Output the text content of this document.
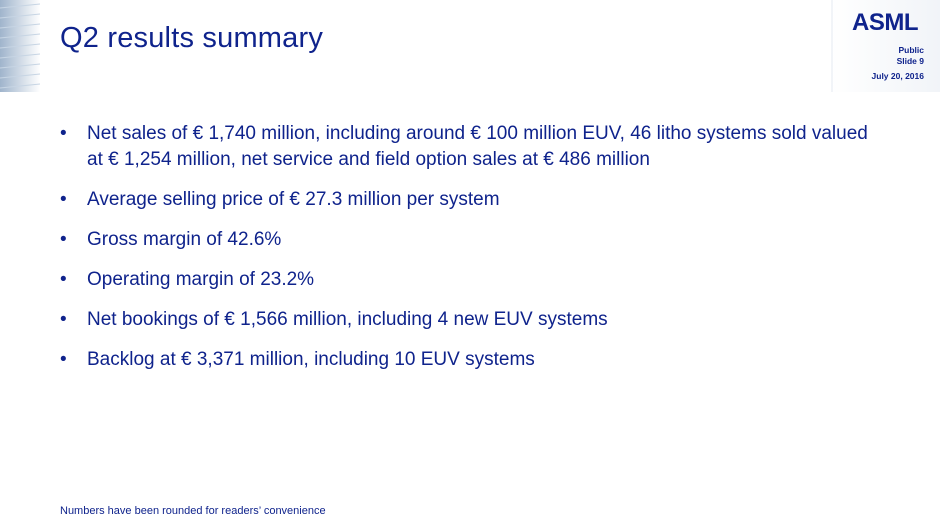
Q2 results summary	ASML
Public
Slide 9
July 20, 2016
• Net sales of € 1,740 million, including around € 100 million EUV, 46 litho systems sold valued at € 1,254 million, net service and field option sales at € 486 million
• Average selling price of € 27.3 million per system
• Gross margin of 42.6%
• Operating margin of 23.2%
• Net bookings of € 1,566 million, including 4 new EUV systems
• Backlog at € 3,371 million, including 10 EUV systems
Numbers have been rounded for readers’ convenience
